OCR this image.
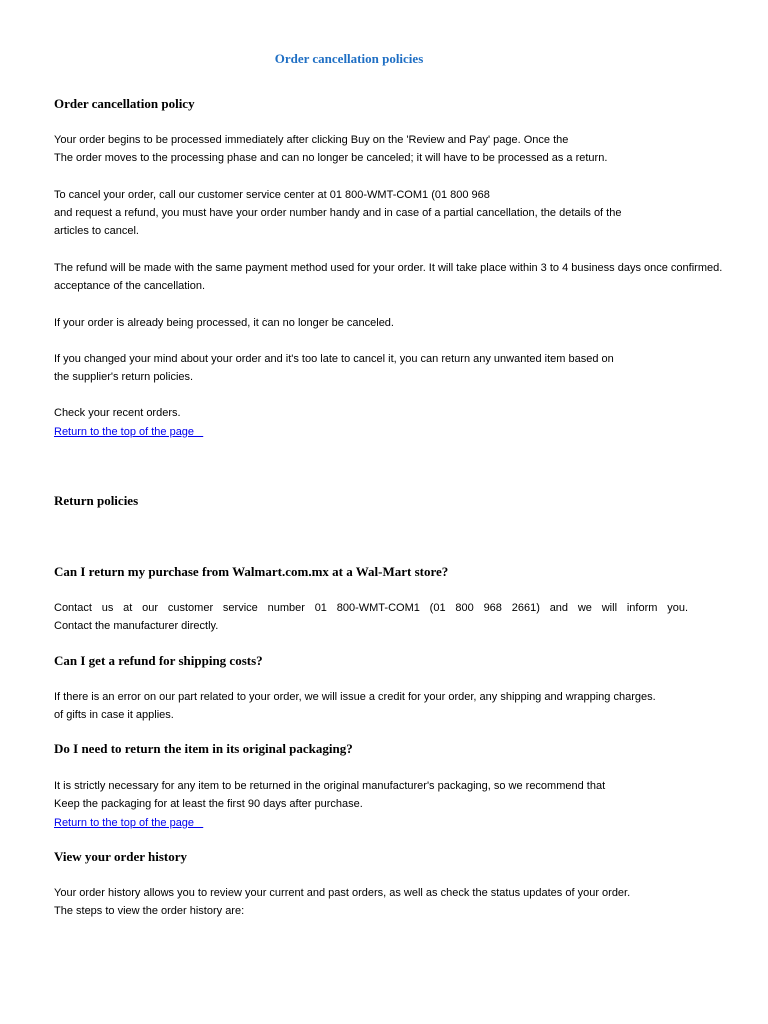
Order cancellation policies
Order cancellation policy

Your order begins to be processed immediately after clicking Buy on the 'Review and Pay' page. Once the
The order moves to the processing phase and can no longer be canceled; it will have to be processed as a return.

To cancel your order, call our customer service center at 01 800-WMT-COM1 (01 800 968
and request a refund, you must have your order number handy and in case of a partial cancellation, the details of the
articles to cancel.

The refund will be made with the same payment method used for your order. It will take place within 3 to 4 business days once confirmed.
acceptance of the cancellation.

If your order is already being processed, it can no longer be canceled.

If you changed your mind about your order and it's too late to cancel it, you can return any unwanted item based on
the supplier's return policies.

Check your recent orders.

Return to the top of the page
Return policies
Can I return my purchase from Walmart.com.mx at a Wal-Mart store?

Contact us at our customer service number 01 800-WMT-COM1 (01 800 968 2661) and we will inform you.
Contact the manufacturer directly.

Can I get a refund for shipping costs?

If there is an error on our part related to your order, we will issue a credit for your order, any shipping and wrapping charges.
of gifts in case it applies.

Do I need to return the item in its original packaging?

It is strictly necessary for any item to be returned in the original manufacturer's packaging, so we recommend that
Keep the packaging for at least the first 90 days after purchase.

Return to the top of the page
View your order history

Your order history allows you to review your current and past orders, as well as check the status updates of your order.
The steps to view the order history are:
